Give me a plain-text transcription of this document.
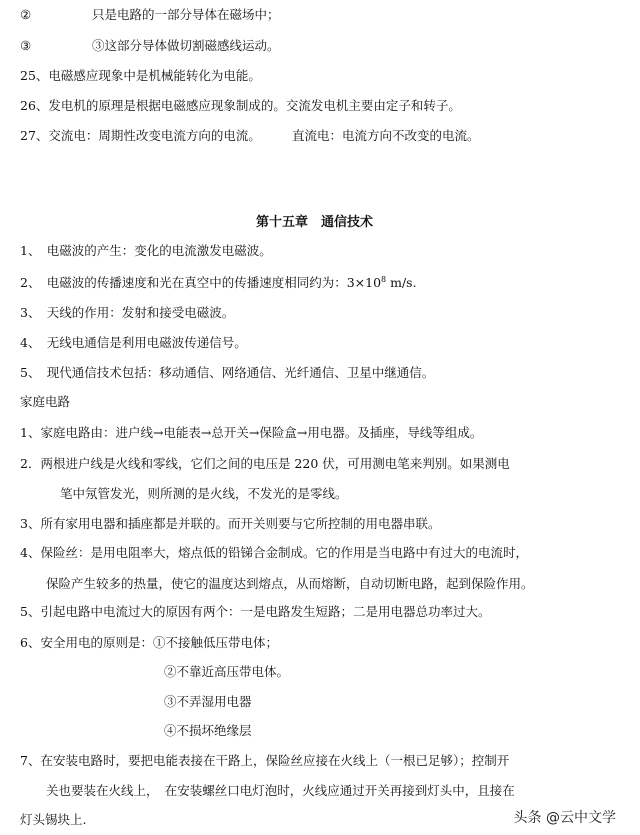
②	只是电路的一部分导体在磁场中；
③	③这部分导体做切割磁感线运动。
25、电磁感应现象中是机械能转化为电能。
26、发电机的原理是根据电磁感应现象制成的。交流发电机主要由定子和转子。
27、交流电：周期性改变电流方向的电流。 直流电：电流方向不改变的电流。
第十五章　通信技术
1、　电磁波的产生：变化的电流激发电磁波。
2、　电磁波的传播速度和光在真空中的传播速度相同约为：$3\times 10^8$ m/s.
3、　天线的作用：发射和接受电磁波。
4、　无线电通信是利用电磁波传递信号。
5、　现代通信技术包括：移动通信、网络通信、光纤通信、卫星中继通信。
家庭电路
1、家庭电路由：进户线→电能表→总开关→保险盒→用电器。及插座，导线等组成。
2．两根进户线是火线和零线，它们之间的电压是 220 伏，可用测电笔来判别。如果测电
笔中氖管发光，则所测的是火线，不发光的是零线。
3、所有家用电器和插座都是并联的。而开关则要与它所控制的用电器串联。
4、保险丝：是用电阻率大，熔点低的铅锑合金制成。它的作用是当电路中有过大的电流时，
保险产生较多的热量，使它的温度达到熔点，从而熔断，自动切断电路，起到保险作用。
5、引起电路中电流过大的原因有两个：一是电路发生短路；二是用电器总功率过大。
6、安全用电的原则是：①不接触低压带电体；
②不靠近高压带电体。
③不弄湿用电器
④不损坏绝缘层
7、在安装电路时，要把电能表接在干路上，保险丝应接在火线上（一根已足够）；控制开
关也要装在火线上，　在安装螺丝口电灯泡时，火线应通过开关再接到灯头中，且接在
灯头锡块上.	头条 @云中文学
